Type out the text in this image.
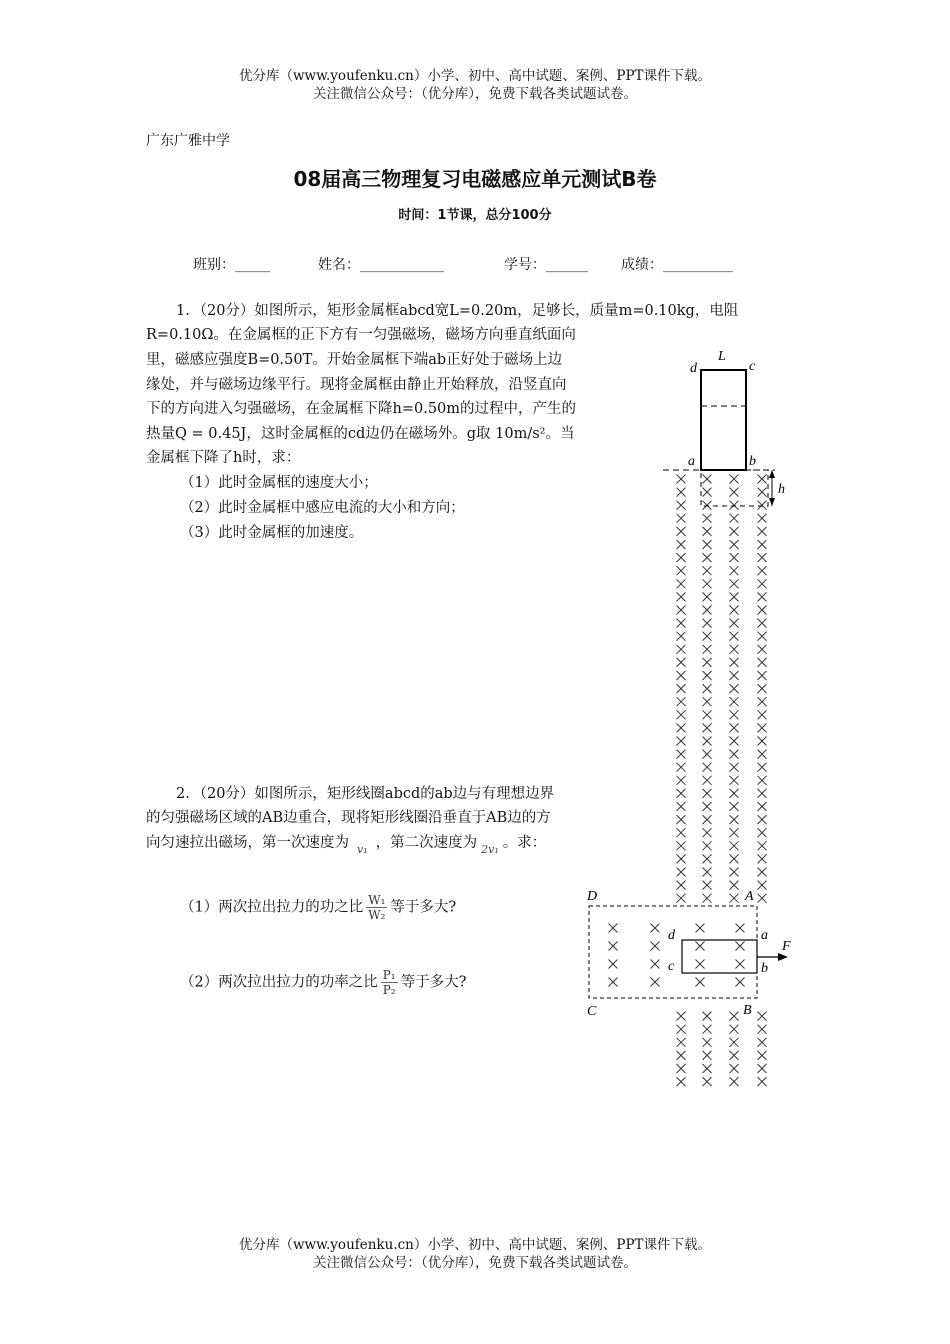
优分库（www.youfenku.cn）小学、初中、高中试题、案例、PPT课件下载。
关注微信公众号：（优分库），免费下载各类试题试卷。
广东广雅中学
08届高三物理复习电磁感应单元测试B卷
时间：1节课，总分100分
班别：_____	姓名：____________	学号：______ 成绩：__________
1．（20分）如图所示，矩形金属框abcd宽L=0.20m，足够长，质量m=0.10kg，电阻
R=0.10Ω。在金属框的正下方有一匀强磁场，磁场方向垂直纸面向
里，磁感应强度B=0.50T。开始金属框下端ab正好处于磁场上边
缘处，并与磁场边缘平行。现将金属框由静止开始释放，沿竖直向
下的方向进入匀强磁场，在金属框下降h=0.50m的过程中，产生的
热量Q = 0.45J，这时金属框的cd边仍在磁场外。g取 10m/s²。当
金属框下降了h时，求：
（1）此时金属框的速度大小；
（2）此时金属框中感应电流的大小和方向；
（3）此时金属框的加速度。
2．（20分）如图所示，矩形线圈abcd的ab边与有理想边界
的匀强磁场区域的AB边重合，现将矩形线圈沿垂直于AB边的方
向匀速拉出磁场，第一次速度为 $_{v_1}$ ，第二次速度为 $_{2v_1}$ 。求：
（1）两次拉出拉力的功之比 $\frac{\text{W₁}}{\text{W₂}}$ 等于多大?
（2）两次拉出拉力的功率之比 $\frac{\text{P₁}}{\text{P₂}}$ 等于多大?
L
d	c
a	b
h
D	A
C	B
d
c
a
b
F
优分库（www.youfenku.cn）小学、初中、高中试题、案例、PPT课件下载。
关注微信公众号：（优分库），免费下载各类试题试卷。
